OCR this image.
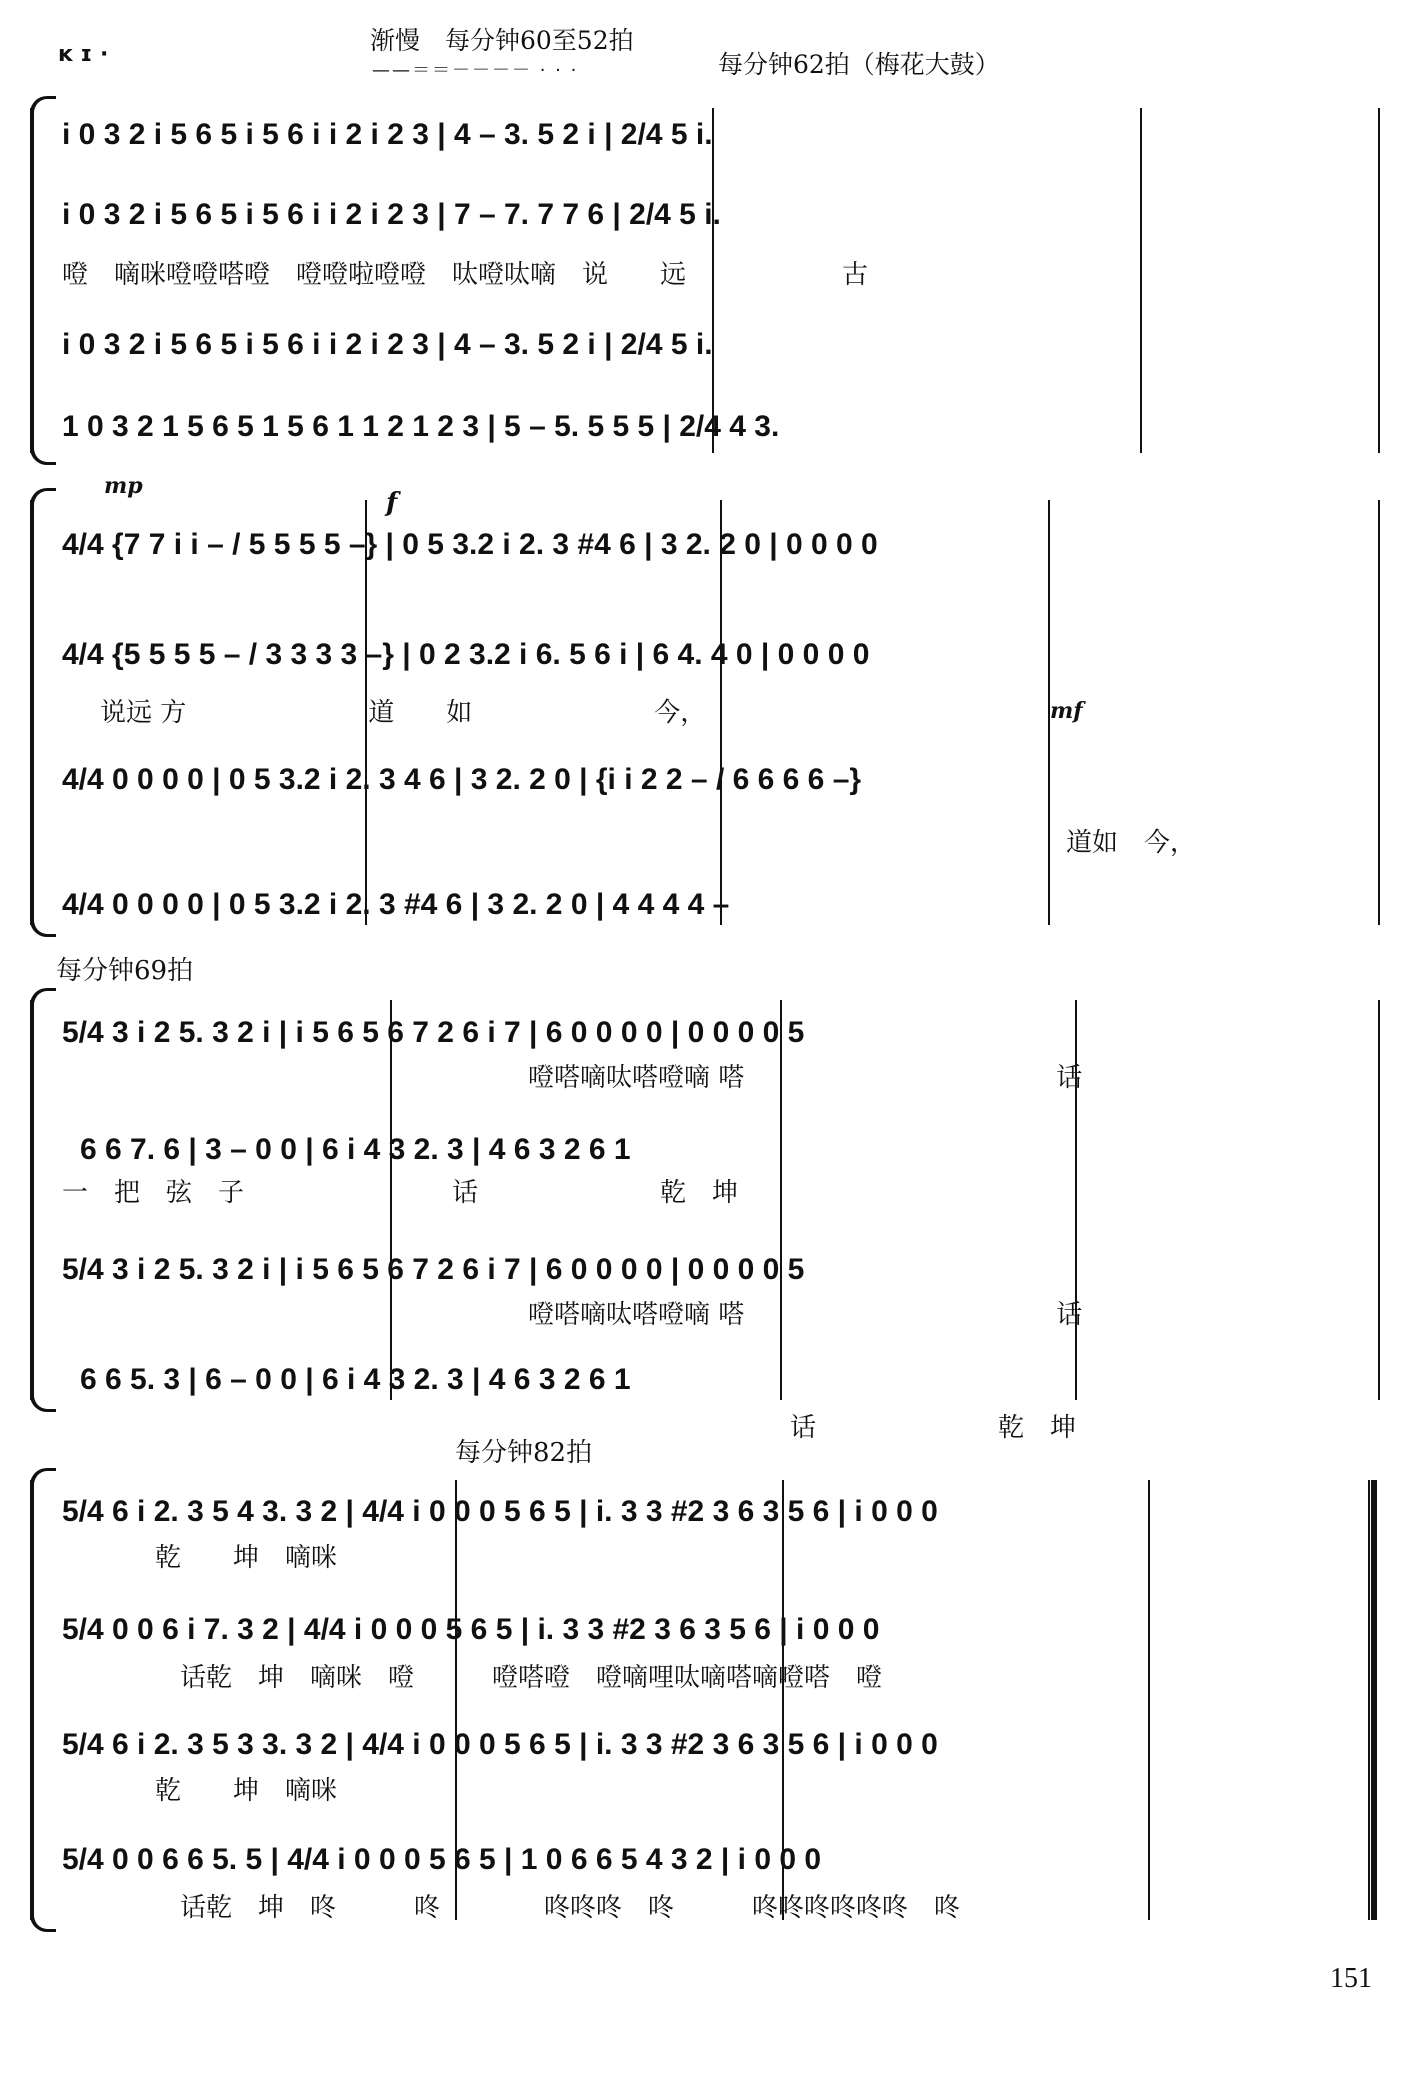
渐慢　每分钟60至52拍
每分钟62拍（梅花大鼓）
——＝＝－－－－ · · ·
ᴋ ɪ ·
i 0 3 2 i 5 6 5 i 5 6 i i 2 i 2 3 | 4 – 3. 5 2 i | 2/4 5 i.
i 0 3 2 i 5 6 5 i 5 6 i i 2 i 2 3 | 7 – 7. 7 7 6 | 2/4 5 i.
噔　嘀咪噔噔嗒噔　噔噔啦噔噔　呔噔呔嘀　说　　远　　　　　　古
i 0 3 2 i 5 6 5 i 5 6 i i 2 i 2 3 | 4 – 3. 5 2 i | 2/4 5 i.
1 0 3 2 1 5 6 5 1 5 6 1 1 2 1 2 3 | 5 – 5. 5 5 5 | 2/4 4 3.
mp
f
mf
4/4 {7 7 i i – / 5 5 5 5 –} | 0 5 3.2 i 2. 3 #4 6 | 3 2. 2 0 | 0 0 0 0
4/4 {5 5 5 5 – / 3 3 3 3 –} | 0 2 3.2 i 6. 5 6 i | 6 4. 4 0 | 0 0 0 0
说远 方　　　　　　　道　　如　　　　　　　今，
4/4 0 0 0 0 | 0 5 3.2 i 2. 3 4 6 | 3 2. 2 0 | {i i 2 2 – / 6 6 6 6 –}
道如　今，
4/4 0 0 0 0 | 0 5 3.2 i 2. 3 #4 6 | 3 2. 2 0 | 4 4 4 4 –
每分钟69拍
5/4 3 i 2 5. 3 2 i | i 5 6 5 6 7 2 6 i 7 | 6 0 0 0 0 | 0 0 0 0 5
噔嗒嘀呔嗒噔嘀 嗒　　　　　　　　　　　　话
6 6 7. 6 | 3 – 0 0 | 6 i 4 3 2. 3 | 4 6 3 2 6 1
一　把　弦　子　　　　　　　　话　　　　　　　乾　坤
5/4 3 i 2 5. 3 2 i | i 5 6 5 6 7 2 6 i 7 | 6 0 0 0 0 | 0 0 0 0 5
噔嗒嘀呔嗒噔嘀 嗒　　　　　　　　　　　　话
6 6 5. 3 | 6 – 0 0 | 6 i 4 3 2. 3 | 4 6 3 2 6 1
话　　　　　　　乾　坤
每分钟82拍
5/4 6 i 2. 3 5 4 3. 3 2 | 4/4 i 0 0 0 5 6 5 | i. 3 3 #2 3 6 3 5 6 | i 0 0 0
乾　　坤　嘀咪
5/4 0 0 6 i 7. 3 2 | 4/4 i 0 0 0 5 6 5 | i. 3 3 #2 3 6 3 5 6 | i 0 0 0
话乾　坤　嘀咪　噔　　　噔嗒噔　噔嘀哩呔嘀嗒嘀噔嗒　噔
5/4 6 i 2. 3 5 3 3. 3 2 | 4/4 i 0 0 0 5 6 5 | i. 3 3 #2 3 6 3 5 6 | i 0 0 0
乾　　坤　嘀咪
5/4 0 0 6 6 5. 5 | 4/4 i 0 0 0 5 6 5 | 1 0 6 6 5 4 3 2 | i 0 0 0
话乾　坤　咚　　　咚　　　　咚咚咚　咚　　　咚咚咚咚咚咚　咚
151
